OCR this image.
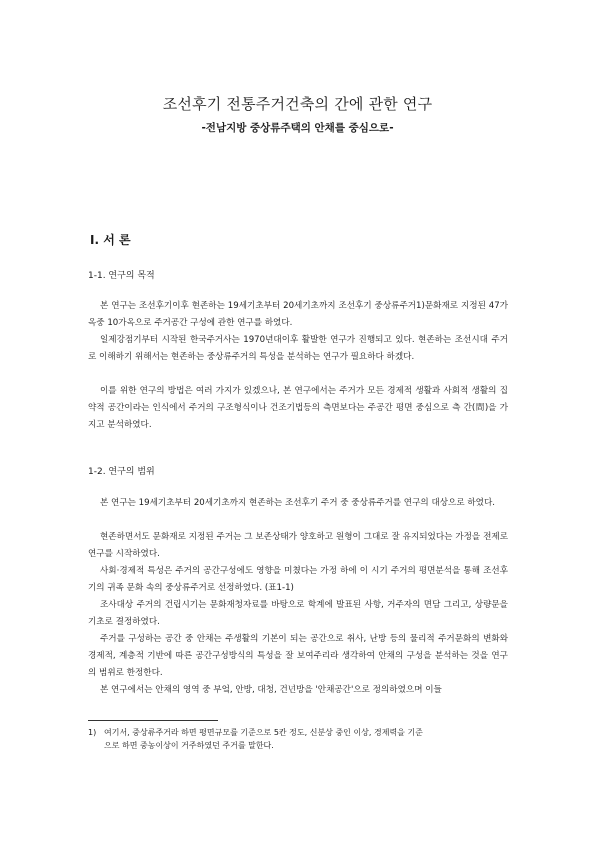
조선후기 전통주거건축의 간에 관한 연구
-전남지방 중상류주택의 안채를 중심으로-
Ⅰ. 서 론
1-1. 연구의 목적

본 연구는 조선후기이후 현존하는 19세기초부터 20세기초까지 조선후기 중상류주거1)문화재로 지정된 47가옥중 10가옥으로 주거공간 구성에 관한 연구를 하였다.

일제강점기부터 시작된 한국주거사는 1970년대이후 활발한 연구가 진행되고 있다. 현존하는 조선시대 주거로 이해하기 위해서는 현존하는 중상류주거의 특성을 분석하는 연구가 필요하다 하겠다.

이를 위한 연구의 방법은 여러 가지가 있겠으나, 본 연구에서는 주거가 모든 경제적 생활과 사회적 생활의 집약적 공간이라는 인식에서 주거의 구조형식이나 건조기법등의 측면보다는 주공간 평면 중심으로 측 간(間)을 가지고 분석하였다.

1-2. 연구의 범위

본 연구는 19세기초부터 20세기초까지 현존하는 조선후기 주거 중 중상류주거를 연구의 대상으로 하였다.

현존하면서도 문화재로 지정된 주거는 그 보존상태가 양호하고 원형이 그대로 잘 유지되었다는 가정을 전제로 연구를 시작하였다.

사회·경제적 특성은 주거의 공간구성에도 영향을 미쳤다는 가정 하에 이 시기 주거의 평면분석을 통해 조선후기의 귀족 문화 속의 중상류주거로 선정하였다. (표1-1)

조사대상 주거의 건립시기는 문화재청자료를 바탕으로 학계에 발표된 사항, 거주자의 면담 그리고, 상량문을 기초로 결정하였다.

주거를 구성하는 공간 중 안채는 주생활의 기본이 되는 공간으로 취사, 난방 등의 물리적 주거문화의 변화와 경제적, 계층적 기반에 따른 공간구성방식의 특성을 잘 보여주리라 생각하여 안채의 구성을 분석하는 것을 연구의 범위로 한정한다.

본 연구에서는 안채의 영역 중 부엌, 안방, 대청, 건넌방을 '안채공간'으로 정의하였으며 이들

1) 여기서, 중상류주거라 하면 평면규모를 기준으로 5칸 정도, 신분상 중인 이상, 경제력을 기준
으로 하면 중농이상이 거주하였던 주거를 말한다.
